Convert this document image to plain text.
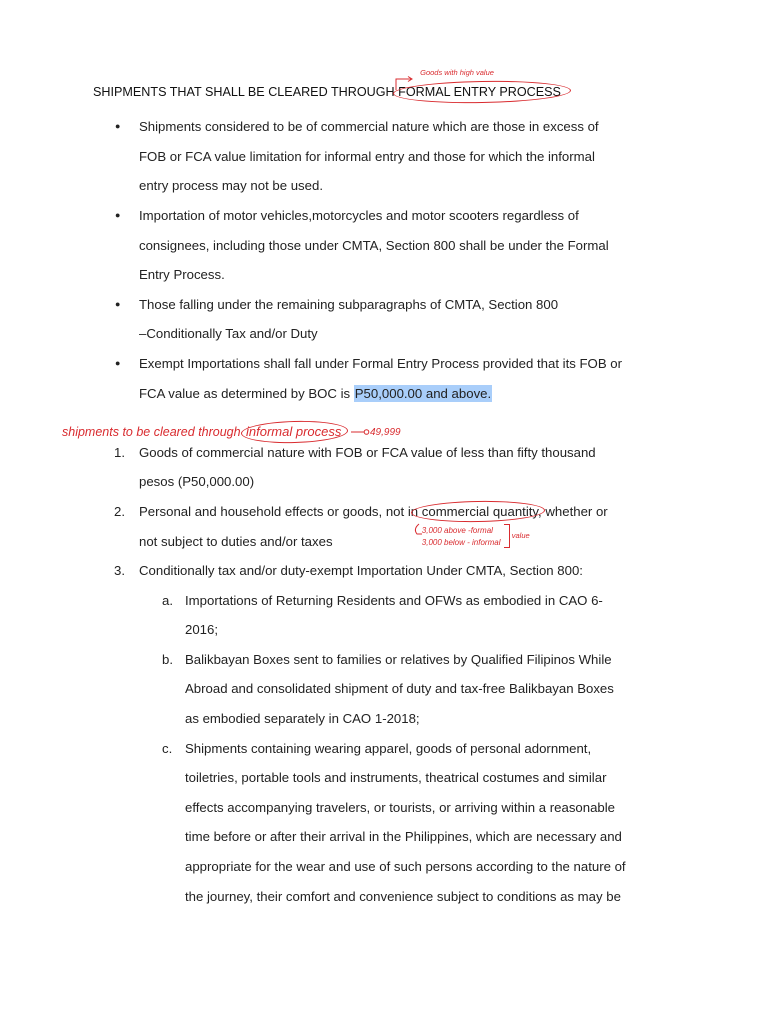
SHIPMENTS THAT SHALL BE CLEARED THROUGH FORMAL ENTRY PROCESS
Goods with high value
● Shipments considered to be of commercial nature which are those in excess of
FOB or FCA value limitation for informal entry and those for which the informal
entry process may not be used.
● Importation of motor vehicles,motorcycles and motor scooters regardless of
consignees, including those under CMTA, Section 800 shall be under the Formal
Entry Process.
● Those falling under the remaining subparagraphs of CMTA, Section 800
–Conditionally Tax and/or Duty
● Exempt Importations shall fall under Formal Entry Process provided that its FOB or
FCA value as determined by BOC is P50,000.00 and above.
shipments to be cleared through informal process	49,999
1. Goods of commercial nature with FOB or FCA value of less than fifty thousand
pesos (P50,000.00)
2. Personal and household effects or goods, not in commercial quantity,
3,000 above -formal
3,000 below - informal
value
whether or
not subject to duties and/or taxes
3. Conditionally tax and/or duty-exempt Importation Under CMTA, Section 800:
a. Importations of Returning Residents and OFWs as embodied in CAO 6-
2016;
b. Balikbayan Boxes sent to families or relatives by Qualified Filipinos While
Abroad and consolidated shipment of duty and tax-free Balikbayan Boxes
as embodied separately in CAO 1-2018;
c. Shipments containing wearing apparel, goods of personal adornment,
toiletries, portable tools and instruments, theatrical costumes and similar
effects accompanying travelers, or tourists, or arriving within a reasonable
time before or after their arrival in the Philippines, which are necessary and
appropriate for the wear and use of such persons according to the nature of
the journey, their comfort and convenience subject to conditions as may be
